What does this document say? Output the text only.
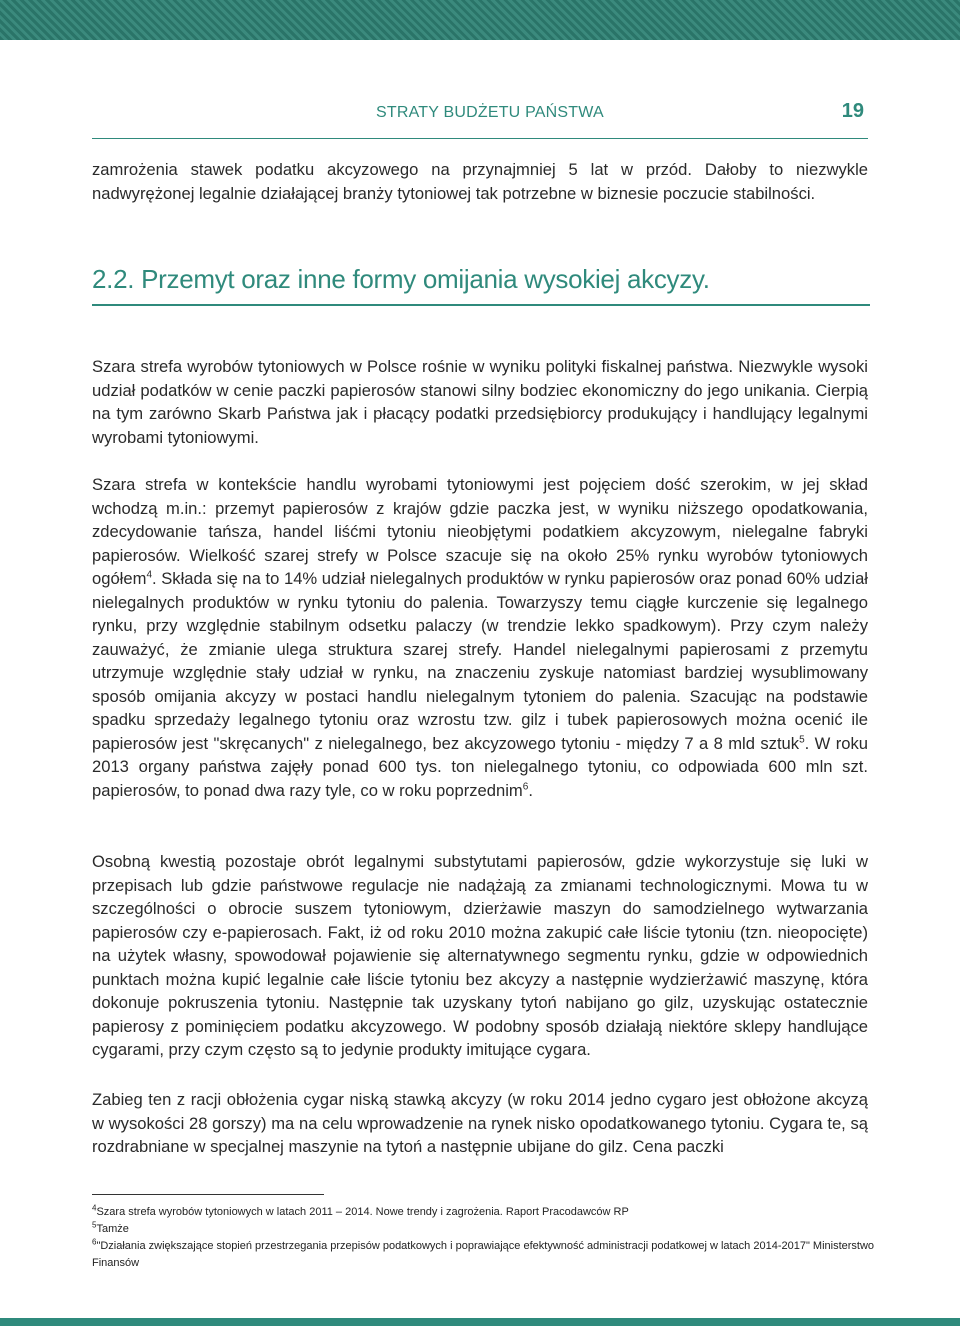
STRATY BUDŻETU PAŃSTWA	19

zamrożenia stawek podatku akcyzowego na przynajmniej 5 lat w przód. Dałoby to niezwykle nadwyrężonej legalnie działającej branży tytoniowej tak potrzebne w biznesie poczucie stabilności.

2.2. Przemyt oraz inne formy omijania wysokiej akcyzy.

Szara strefa wyrobów tytoniowych w Polsce rośnie w wyniku polityki fiskalnej państwa. Niezwykle wysoki udział podatków w cenie paczki papierosów stanowi silny bodziec ekonomiczny do jego unikania. Cierpią na tym zarówno Skarb Państwa jak i płacący podatki przedsiębiorcy produkujący i handlujący legalnymi wyrobami tytoniowymi.

Szara strefa w kontekście handlu wyrobami tytoniowymi jest pojęciem dość szerokim, w jej skład wchodzą m.in.: przemyt papierosów z krajów gdzie paczka jest, w wyniku niższego opodatkowania, zdecydowanie tańsza, handel liśćmi tytoniu nieobjętymi podatkiem akcyzowym, nielegalne fabryki papierosów. Wielkość szarej strefy w Polsce szacuje się na około 25% rynku wyrobów tytoniowych ogółem$^4$. Składa się na to 14% udział nielegalnych produktów w rynku papierosów oraz ponad 60% udział nielegalnych produktów w rynku tytoniu do palenia. Towarzyszy temu ciągłe kurczenie się legalnego rynku, przy względnie stabilnym odsetku palaczy (w trendzie lekko spadkowym). Przy czym należy zauważyć, że zmianie ulega struktura szarej strefy. Handel nielegalnymi papierosami z przemytu utrzymuje względnie stały udział w rynku, na znaczeniu zyskuje natomiast bardziej wysublimowany sposób omijania akcyzy w postaci handlu nielegalnym tytoniem do palenia. Szacując na podstawie spadku sprzedaży legalnego tytoniu oraz wzrostu tzw. gilz i tubek papierosowych można ocenić ile papierosów jest "skręcanych" z nielegalnego, bez akcyzowego tytoniu - między 7 a 8 mld sztuk$^5$. W roku 2013 organy państwa zajęły ponad 600 tys. ton nielegalnego tytoniu, co odpowiada 600 mln szt. papierosów, to ponad dwa razy tyle, co w roku poprzednim$^6$.

Osobną kwestią pozostaje obrót legalnymi substytutami papierosów, gdzie wykorzystuje się luki w przepisach lub gdzie państwowe regulacje nie nadążają za zmianami technologicznymi. Mowa tu w szczególności o obrocie suszem tytoniowym, dzierżawie maszyn do samodzielnego wytwarzania papierosów czy e-papierosach. Fakt, iż od roku 2010 można zakupić całe liście tytoniu (tzn. nieopocięte) na użytek własny, spowodował pojawienie się alternatywnego segmentu rynku, gdzie w odpowiednich punktach można kupić legalnie całe liście tytoniu bez akcyzy a następnie wydzierżawić maszynę, która dokonuje pokruszenia tytoniu. Następnie tak uzyskany tytoń nabijano go gilz, uzyskując ostatecznie papierosy z pominięciem podatku akcyzowego. W podobny sposób działają niektóre sklepy handlujące cygarami, przy czym często są to jedynie produkty imitujące cygara.

Zabieg ten z racji obłożenia cygar niską stawką akcyzy (w roku 2014 jedno cygaro jest obłożone akcyzą w wysokości 28 gorszy) ma na celu wprowadzenie na rynek nisko opodatkowanego tytoniu. Cygara te, są rozdrabniane w specjalnej maszynie na tytoń a następnie ubijane do gilz. Cena paczki

$^4$Szara strefa wyrobów tytoniowych w latach 2011 – 2014. Nowe trendy i zagrożenia. Raport Pracodawców RP
$^5$Tamże
$^6$"Działania zwiększające stopień przestrzegania przepisów podatkowych i poprawiające efektywność administracji podatkowej w latach 2014-2017" Ministerstwo Finansów
